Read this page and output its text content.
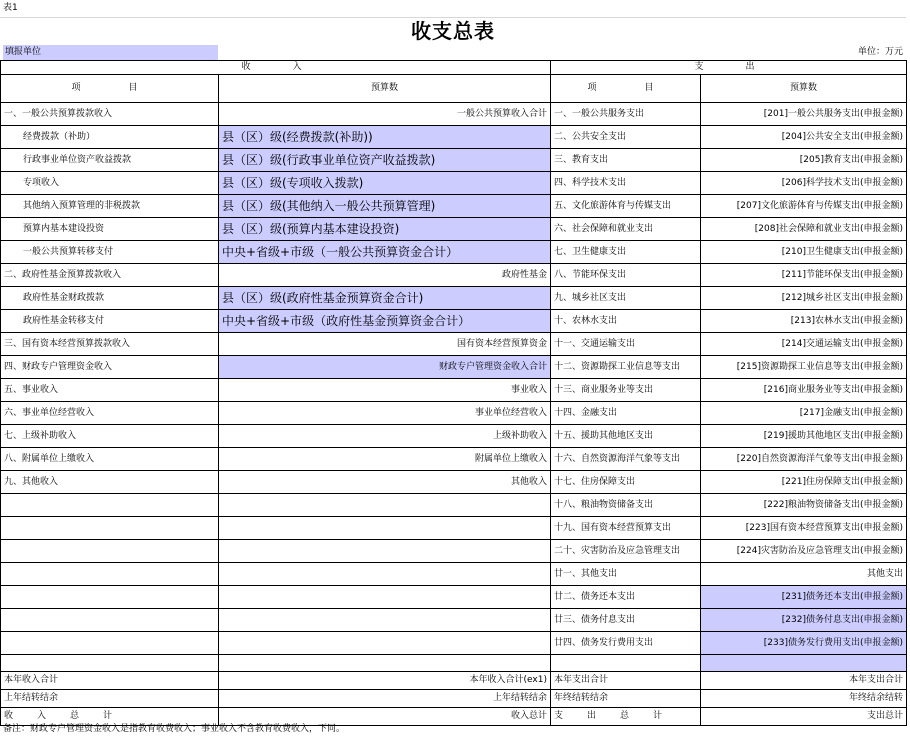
表1
收支总表
填报单位	单位：万元
收　　入		支　　出	
项　　目	预算数	项　　目	预算数
一、一般公共预算拨款收入	一般公共预算收入合计	一、一般公共服务支出	[201]一般公共服务支出(申报金额)
经费拨款（补助）	县（区）级(经费拨款(补助))	二、公共安全支出	[204]公共安全支出(申报金额)
行政事业单位资产收益拨款	县（区）级(行政事业单位资产收益拨款)	三、教育支出	[205]教育支出(申报金额)
专项收入	县（区）级(专项收入拨款)	四、科学技术支出	[206]科学技术支出(申报金额)
其他纳入预算管理的非税拨款	县（区）级(其他纳入一般公共预算管理)	五、文化旅游体育与传媒支出	[207]文化旅游体育与传媒支出(申报金额)
预算内基本建设投资	县（区）级(预算内基本建设投资)	六、社会保障和就业支出	[208]社会保障和就业支出(申报金额)
一般公共预算转移支付	中央+省级+市级（一般公共预算资金合计）	七、卫生健康支出	[210]卫生健康支出(申报金额)
二、政府性基金预算拨款收入	政府性基金	八、节能环保支出	[211]节能环保支出(申报金额)
政府性基金财政拨款	县（区）级(政府性基金预算资金合计)	九、城乡社区支出	[212]城乡社区支出(申报金额)
政府性基金转移支付	中央+省级+市级（政府性基金预算资金合计）	十、农林水支出	[213]农林水支出(申报金额)
三、国有资本经营预算拨款收入	国有资本经营预算资金	十一、交通运输支出	[214]交通运输支出(申报金额)
四、财政专户管理资金收入	财政专户管理资金收入合计	十二、资源勘探工业信息等支出	[215]资源勘探工业信息等支出(申报金额)
五、事业收入	事业收入	十三、商业服务业等支出	[216]商业服务业等支出(申报金额)
六、事业单位经营收入	事业单位经营收入	十四、金融支出	[217]金融支出(申报金额)
七、上级补助收入	上级补助收入	十五、援助其他地区支出	[219]援助其他地区支出(申报金额)
八、附属单位上缴收入	附属单位上缴收入	十六、自然资源海洋气象等支出	[220]自然资源海洋气象等支出(申报金额)
九、其他收入	其他收入	十七、住房保障支出	[221]住房保障支出(申报金额)
		十八、粮油物资储备支出	[222]粮油物资储备支出(申报金额)
		十九、国有资本经营预算支出	[223]国有资本经营预算支出(申报金额)
		二十、灾害防治及应急管理支出	[224]灾害防治及应急管理支出(申报金额)
		廿一、其他支出	其他支出
		廿二、债务还本支出	[231]债务还本支出(申报金额)
		廿三、债务付息支出	[232]债务付息支出(申报金额)
		廿四、债务发行费用支出	[233]债务发行费用支出(申报金额)

本年收入合计	本年收入合计(ex1)	本年支出合计	本年支出合计
上年结转结余	上年结转结余	年终结转结余	年终结余结转
收　　入　　总　　计	收入总计	支　　出　　总　　计	支出总计
备注：财政专户管理资金收入是指教育收费收入；事业收入不含教育收费收入，下同。
